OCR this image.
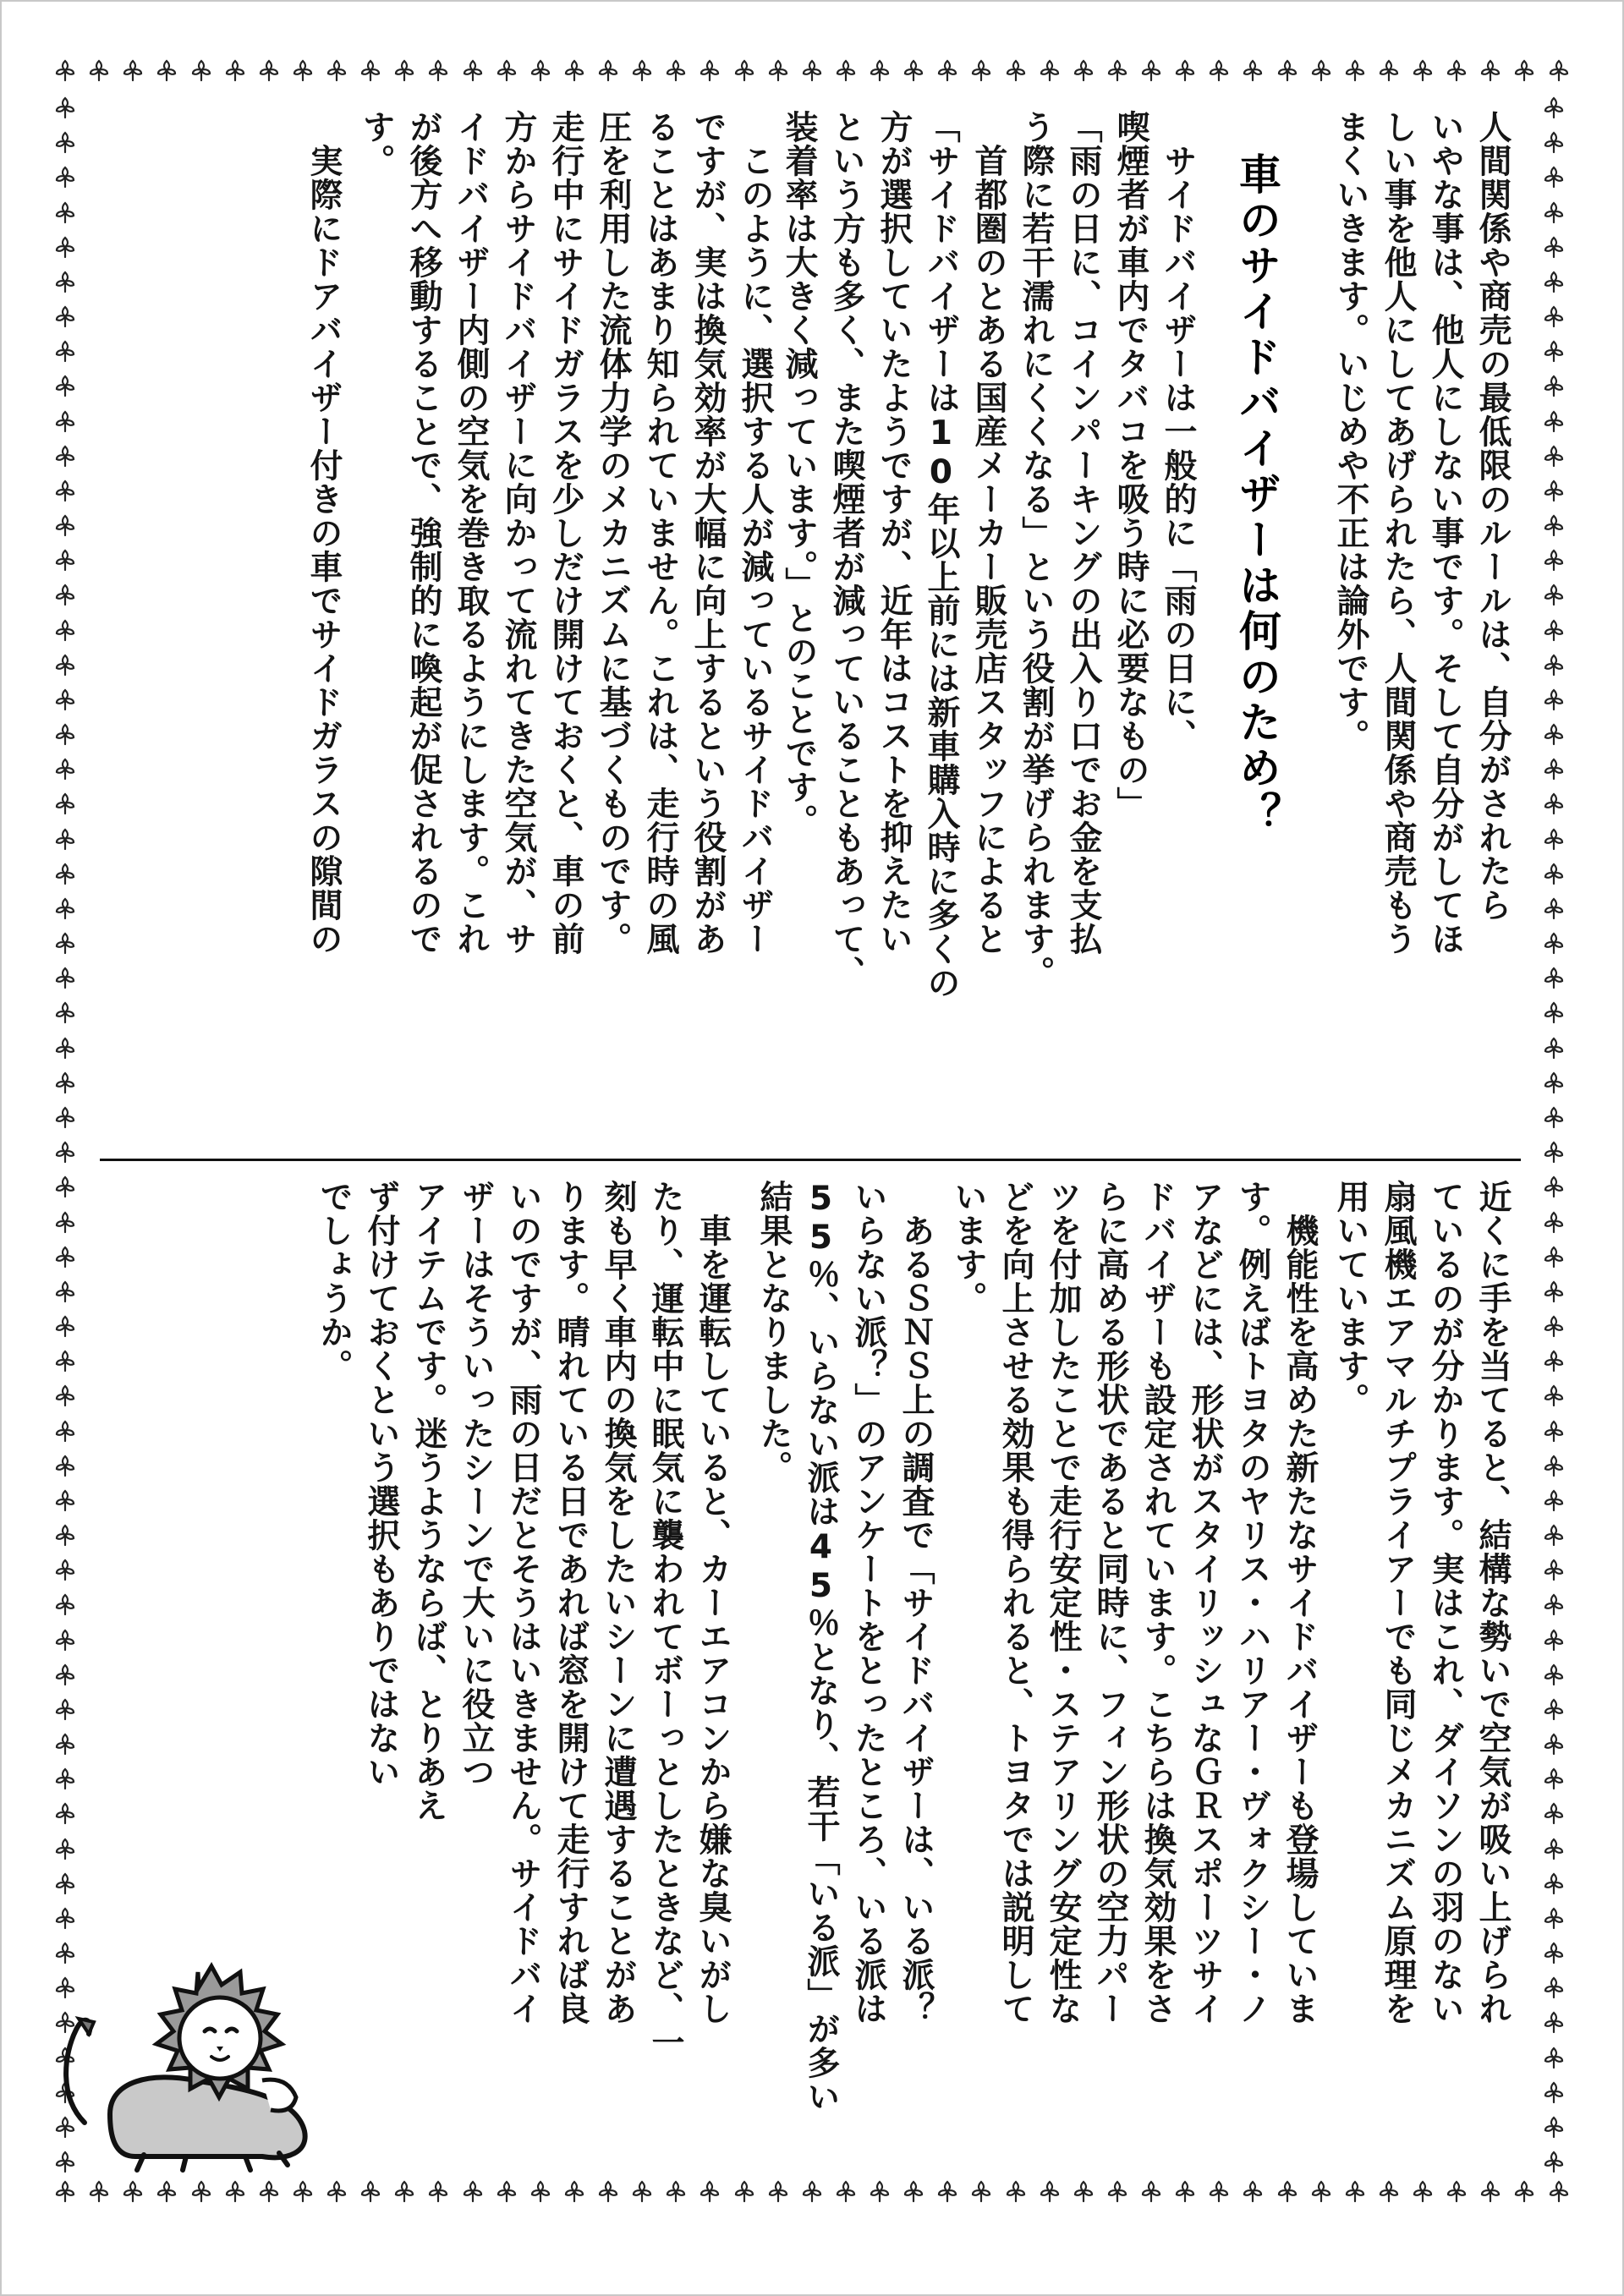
人間関係や商売の最低限のルールは、自分がされたら
いやな事は、他人にしない事です。そして自分がしてほ
しい事を他人にしてあげられたら、人間関係や商売もう
まくいきます。いじめや不正は論外です。
車のサイドバイザーは何のため？
　サイドバイザーは一般的に「雨の日に、
喫煙者が車内でタバコを吸う時に必要なもの」
「雨の日に、コインパーキングの出入り口でお金を支払
う際に若干濡れにくくなる」という役割が挙げられます。
　首都圏のとある国産メーカー販売店スタッフによると
「サイドバイザーは10年以上前には新車購入時に多くの
方が選択していたようですが、近年はコストを抑えたい
という方も多く、また喫煙者が減っていることもあって、
装着率は大きく減っています。」とのことです。
　このように、選択する人が減っているサイドバイザー
ですが、実は換気効率が大幅に向上するという役割があ
ることはあまり知られていません。これは、走行時の風
圧を利用した流体力学のメカニズムに基づくものです。
走行中にサイドガラスを少しだけ開けておくと、車の前
方からサイドバイザーに向かって流れてきた空気が、サ
イドバイザー内側の空気を巻き取るようにします。これ
が後方へ移動することで、強制的に喚起が促されるので
す。
　実際にドアバイザー付きの車でサイドガラスの隙間の
近くに手を当てると、結構な勢いで空気が吸い上げられ
ているのが分かります。実はこれ、ダイソンの羽のない
扇風機エアマルチプライアーでも同じメカニズム原理を
用いています。
　機能性を高めた新たなサイドバイザーも登場していま
す。例えばトヨタのヤリス・ハリアー・ヴォクシー・ノ
アなどには、形状がスタイリッシュなＧＲスポーツサイ
ドバイザーも設定されています。こちらは換気効果をさ
らに高める形状であると同時に、フィン形状の空力パー
ツを付加したことで走行安定性・ステアリング安定性な
どを向上させる効果も得られると、トヨタでは説明して
います。
　あるＳＮＳ上の調査で「サイドバイザーは、いる派？
いらない派？」のアンケートをとったところ、いる派は
55％、いらない派は45％となり、若干「いる派」が多い
結果となりました。
　車を運転していると、カーエアコンから嫌な臭いがし
たり、運転中に眠気に襲われてボーっとしたときなど、一
刻も早く車内の換気をしたいシーンに遭遇することがあ
ります。晴れている日であれば窓を開けて走行すれば良
いのですが、雨の日だとそうはいきません。サイドバイ
ザーはそういったシーンで大いに役立つ
アイテムです。迷うようならば、とりあえ
ず付けておくという選択もありではない
でしょうか。
